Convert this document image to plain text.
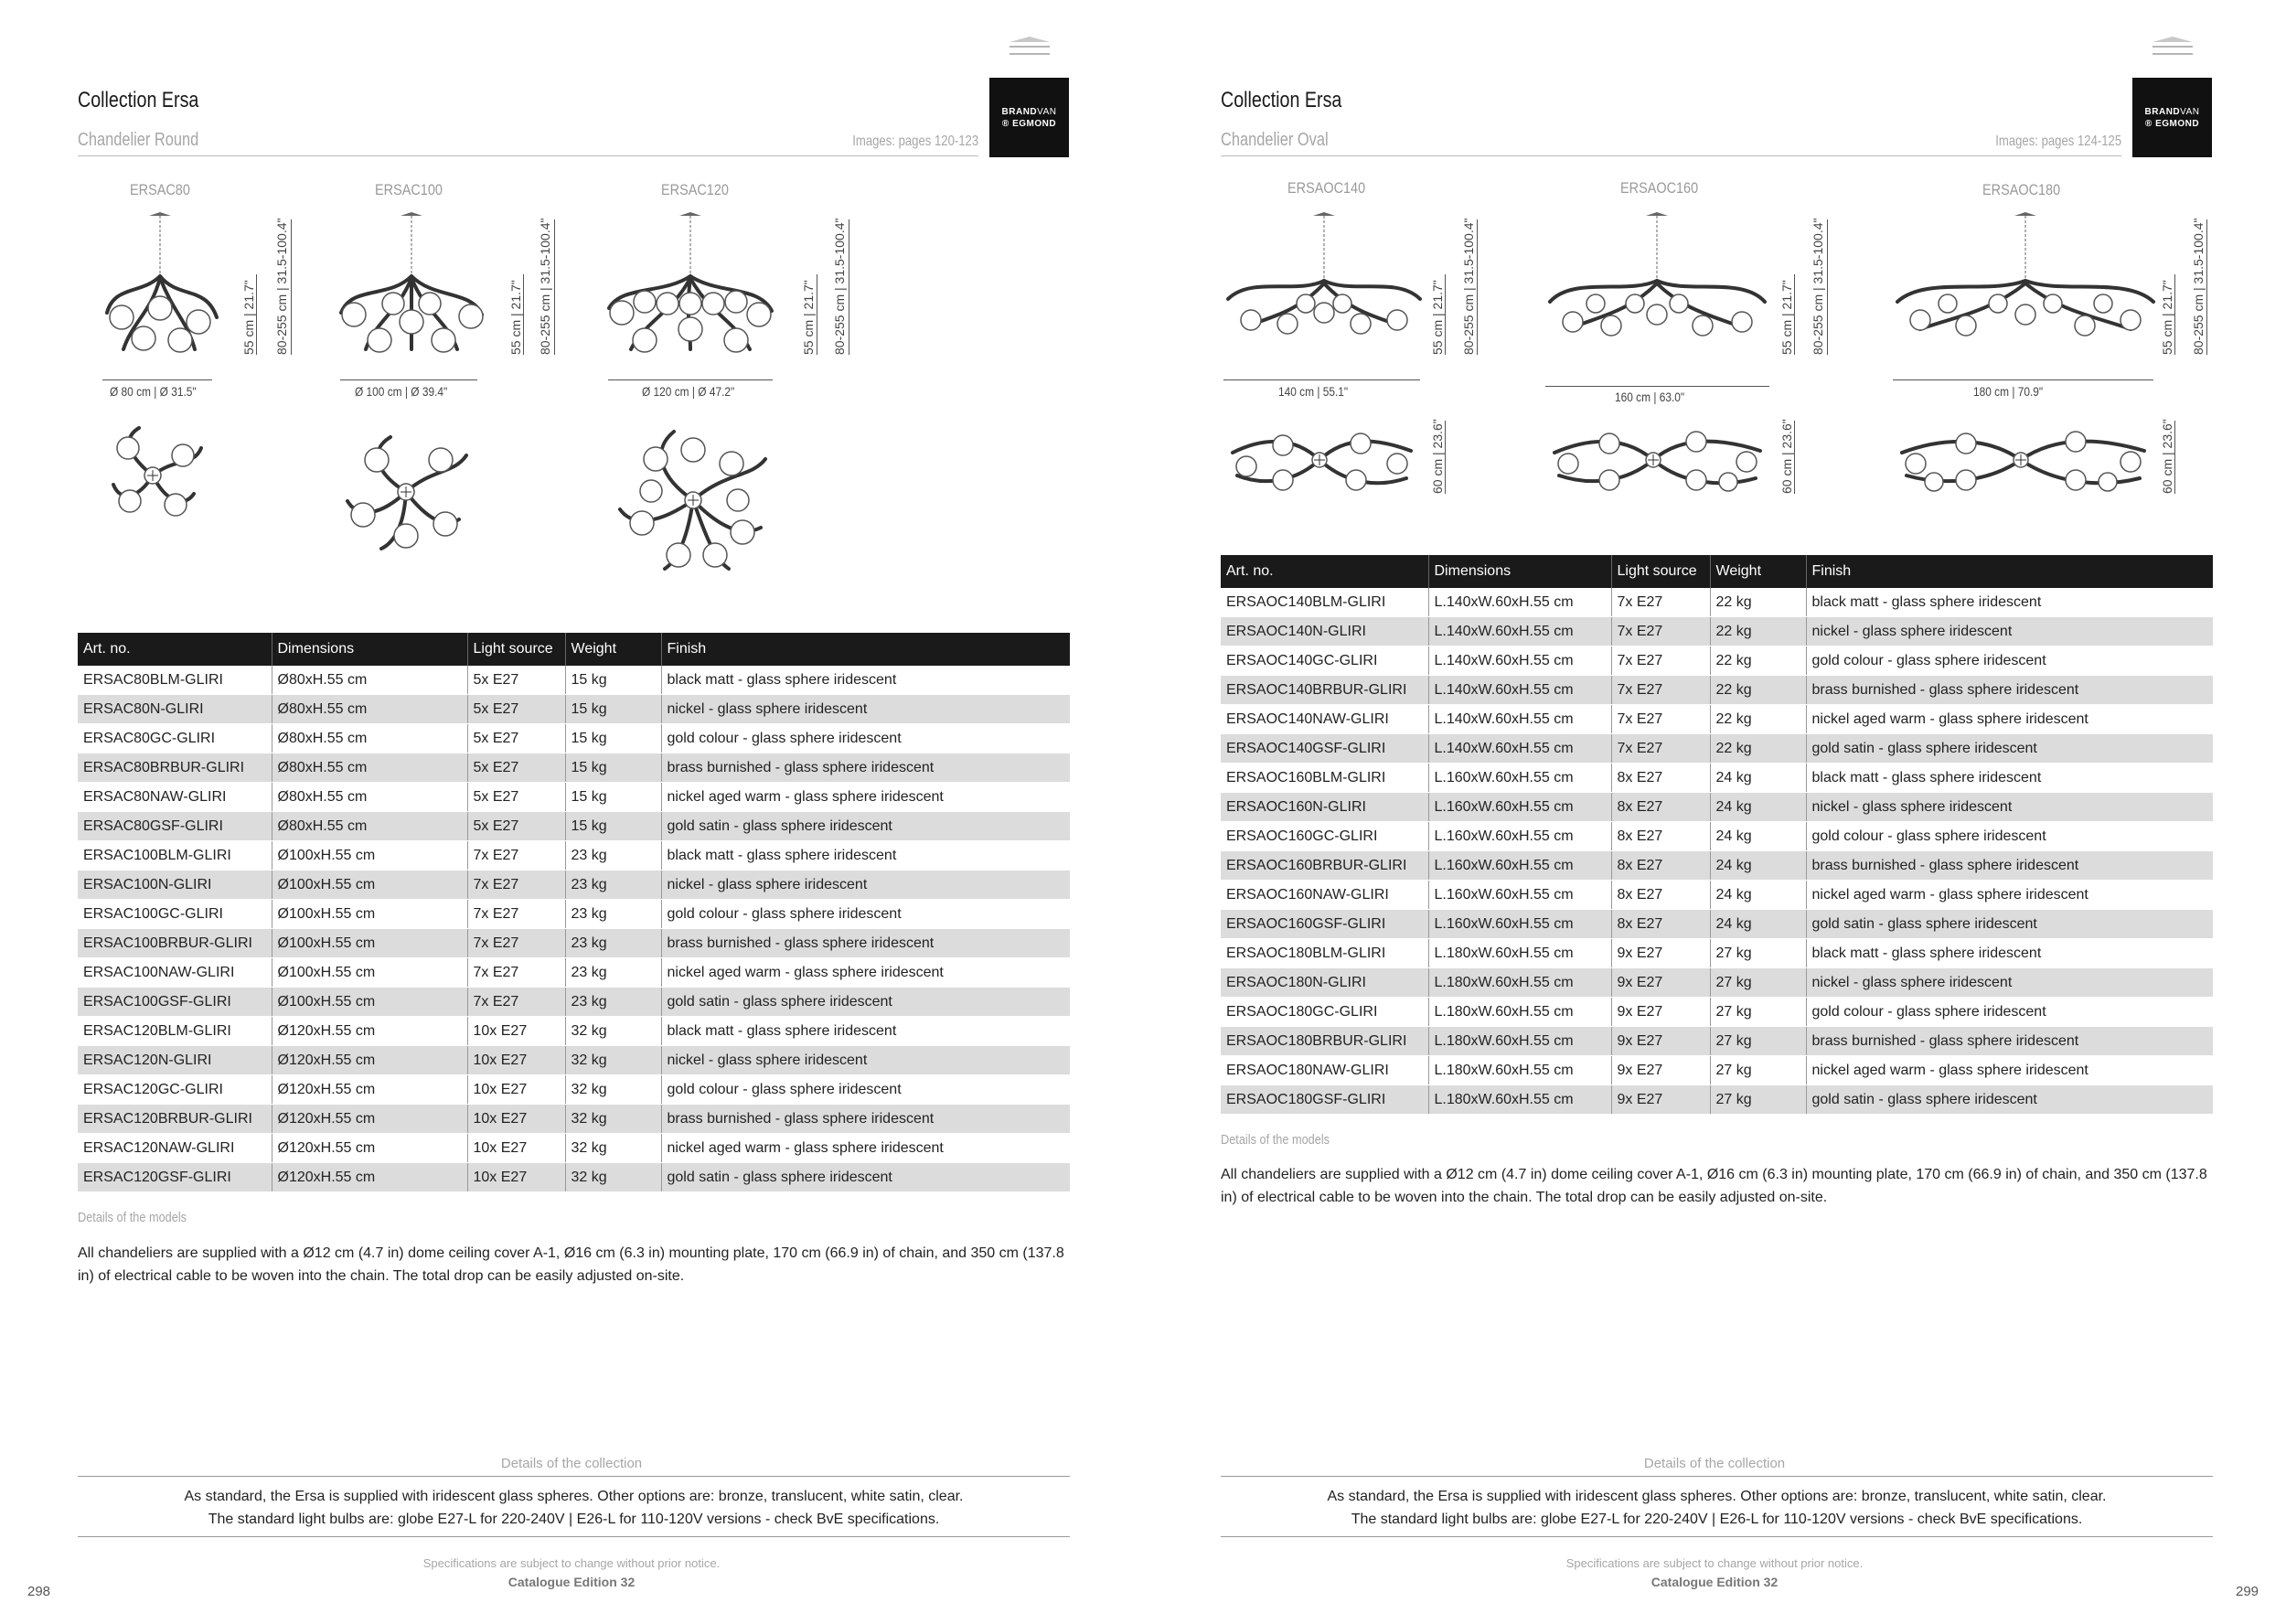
Collection Ersa
Chandelier Round	Images: pages 120-123
BRANDVAN
® EGMOND
ERSAC80
Ø 80 cm | Ø 31.5"
55 cm | 21.7" 80-255 cm | 31.5-100.4"
ERSAC100
Ø 100 cm | Ø 39.4"
55 cm | 21.7" 80-255 cm | 31.5-100.4"
ERSAC120
Ø 120 cm | Ø 47.2"
55 cm | 21.7" 80-255 cm | 31.5-100.4"
Art. no.	Dimensions	Light source	Weight	Finish
ERSAC80BLM-GLIRI	Ø80xH.55 cm	5x E27	15 kg	black matt - glass sphere iridescent
ERSAC80N-GLIRI	Ø80xH.55 cm	5x E27	15 kg	nickel - glass sphere iridescent
ERSAC80GC-GLIRI	Ø80xH.55 cm	5x E27	15 kg	gold colour - glass sphere iridescent
ERSAC80BRBUR-GLIRI	Ø80xH.55 cm	5x E27	15 kg	brass burnished - glass sphere iridescent
ERSAC80NAW-GLIRI	Ø80xH.55 cm	5x E27	15 kg	nickel aged warm - glass sphere iridescent
ERSAC80GSF-GLIRI	Ø80xH.55 cm	5x E27	15 kg	gold satin - glass sphere iridescent
ERSAC100BLM-GLIRI	Ø100xH.55 cm	7x E27	23 kg	black matt - glass sphere iridescent
ERSAC100N-GLIRI	Ø100xH.55 cm	7x E27	23 kg	nickel - glass sphere iridescent
ERSAC100GC-GLIRI	Ø100xH.55 cm	7x E27	23 kg	gold colour - glass sphere iridescent
ERSAC100BRBUR-GLIRI	Ø100xH.55 cm	7x E27	23 kg	brass burnished - glass sphere iridescent
ERSAC100NAW-GLIRI	Ø100xH.55 cm	7x E27	23 kg	nickel aged warm - glass sphere iridescent
ERSAC100GSF-GLIRI	Ø100xH.55 cm	7x E27	23 kg	gold satin - glass sphere iridescent
ERSAC120BLM-GLIRI	Ø120xH.55 cm	10x E27	32 kg	black matt - glass sphere iridescent
ERSAC120N-GLIRI	Ø120xH.55 cm	10x E27	32 kg	nickel - glass sphere iridescent
ERSAC120GC-GLIRI	Ø120xH.55 cm	10x E27	32 kg	gold colour - glass sphere iridescent
ERSAC120BRBUR-GLIRI	Ø120xH.55 cm	10x E27	32 kg	brass burnished - glass sphere iridescent
ERSAC120NAW-GLIRI	Ø120xH.55 cm	10x E27	32 kg	nickel aged warm - glass sphere iridescent
ERSAC120GSF-GLIRI	Ø120xH.55 cm	10x E27	32 kg	gold satin - glass sphere iridescent
Details of the models
All chandeliers are supplied with a Ø12 cm (4.7 in) dome ceiling cover A-1, Ø16 cm (6.3 in) mounting plate, 170 cm (66.9 in) of chain, and 350 cm (137.8 in) of electrical cable to be woven into the chain. The total drop can be easily adjusted on-site.
Details of the collection
As standard, the Ersa is supplied with iridescent glass spheres. Other options are: bronze, translucent, white satin, clear.
The standard light bulbs are: globe E27-L for 220-240V | E26-L for 110-120V versions - check BvE specifications.
Specifications are subject to change without prior notice.
Catalogue Edition 32
298
Collection Ersa
Chandelier Oval	Images: pages 124-125
BRANDVAN
® EGMOND
ERSAOC140
140 cm | 55.1"
55 cm | 21.7" 80-255 cm | 31.5-100.4"
60 cm | 23.6"
ERSAOC160
160 cm | 63.0"
55 cm | 21.7" 80-255 cm | 31.5-100.4"
60 cm | 23.6"
ERSAOC180
180 cm | 70.9"
55 cm | 21.7" 80-255 cm | 31.5-100.4"
60 cm | 23.6"
Art. no.	Dimensions	Light source	Weight	Finish
ERSAOC140BLM-GLIRI	L.140xW.60xH.55 cm	7x E27	22 kg	black matt - glass sphere iridescent
ERSAOC140N-GLIRI	L.140xW.60xH.55 cm	7x E27	22 kg	nickel - glass sphere iridescent
ERSAOC140GC-GLIRI	L.140xW.60xH.55 cm	7x E27	22 kg	gold colour - glass sphere iridescent
ERSAOC140BRBUR-GLIRI	L.140xW.60xH.55 cm	7x E27	22 kg	brass burnished - glass sphere iridescent
ERSAOC140NAW-GLIRI	L.140xW.60xH.55 cm	7x E27	22 kg	nickel aged warm - glass sphere iridescent
ERSAOC140GSF-GLIRI	L.140xW.60xH.55 cm	7x E27	22 kg	gold satin - glass sphere iridescent
ERSAOC160BLM-GLIRI	L.160xW.60xH.55 cm	8x E27	24 kg	black matt - glass sphere iridescent
ERSAOC160N-GLIRI	L.160xW.60xH.55 cm	8x E27	24 kg	nickel - glass sphere iridescent
ERSAOC160GC-GLIRI	L.160xW.60xH.55 cm	8x E27	24 kg	gold colour - glass sphere iridescent
ERSAOC160BRBUR-GLIRI	L.160xW.60xH.55 cm	8x E27	24 kg	brass burnished - glass sphere iridescent
ERSAOC160NAW-GLIRI	L.160xW.60xH.55 cm	8x E27	24 kg	nickel aged warm - glass sphere iridescent
ERSAOC160GSF-GLIRI	L.160xW.60xH.55 cm	8x E27	24 kg	gold satin - glass sphere iridescent
ERSAOC180BLM-GLIRI	L.180xW.60xH.55 cm	9x E27	27 kg	black matt - glass sphere iridescent
ERSAOC180N-GLIRI	L.180xW.60xH.55 cm	9x E27	27 kg	nickel - glass sphere iridescent
ERSAOC180GC-GLIRI	L.180xW.60xH.55 cm	9x E27	27 kg	gold colour - glass sphere iridescent
ERSAOC180BRBUR-GLIRI	L.180xW.60xH.55 cm	9x E27	27 kg	brass burnished - glass sphere iridescent
ERSAOC180NAW-GLIRI	L.180xW.60xH.55 cm	9x E27	27 kg	nickel aged warm - glass sphere iridescent
ERSAOC180GSF-GLIRI	L.180xW.60xH.55 cm	9x E27	27 kg	gold satin - glass sphere iridescent
Details of the models
All chandeliers are supplied with a Ø12 cm (4.7 in) dome ceiling cover A-1, Ø16 cm (6.3 in) mounting plate, 170 cm (66.9 in) of chain, and 350 cm (137.8 in) of electrical cable to be woven into the chain. The total drop can be easily adjusted on-site.
Details of the collection
As standard, the Ersa is supplied with iridescent glass spheres. Other options are: bronze, translucent, white satin, clear.
The standard light bulbs are: globe E27-L for 220-240V | E26-L for 110-120V versions - check BvE specifications.
Specifications are subject to change without prior notice.
Catalogue Edition 32
299
